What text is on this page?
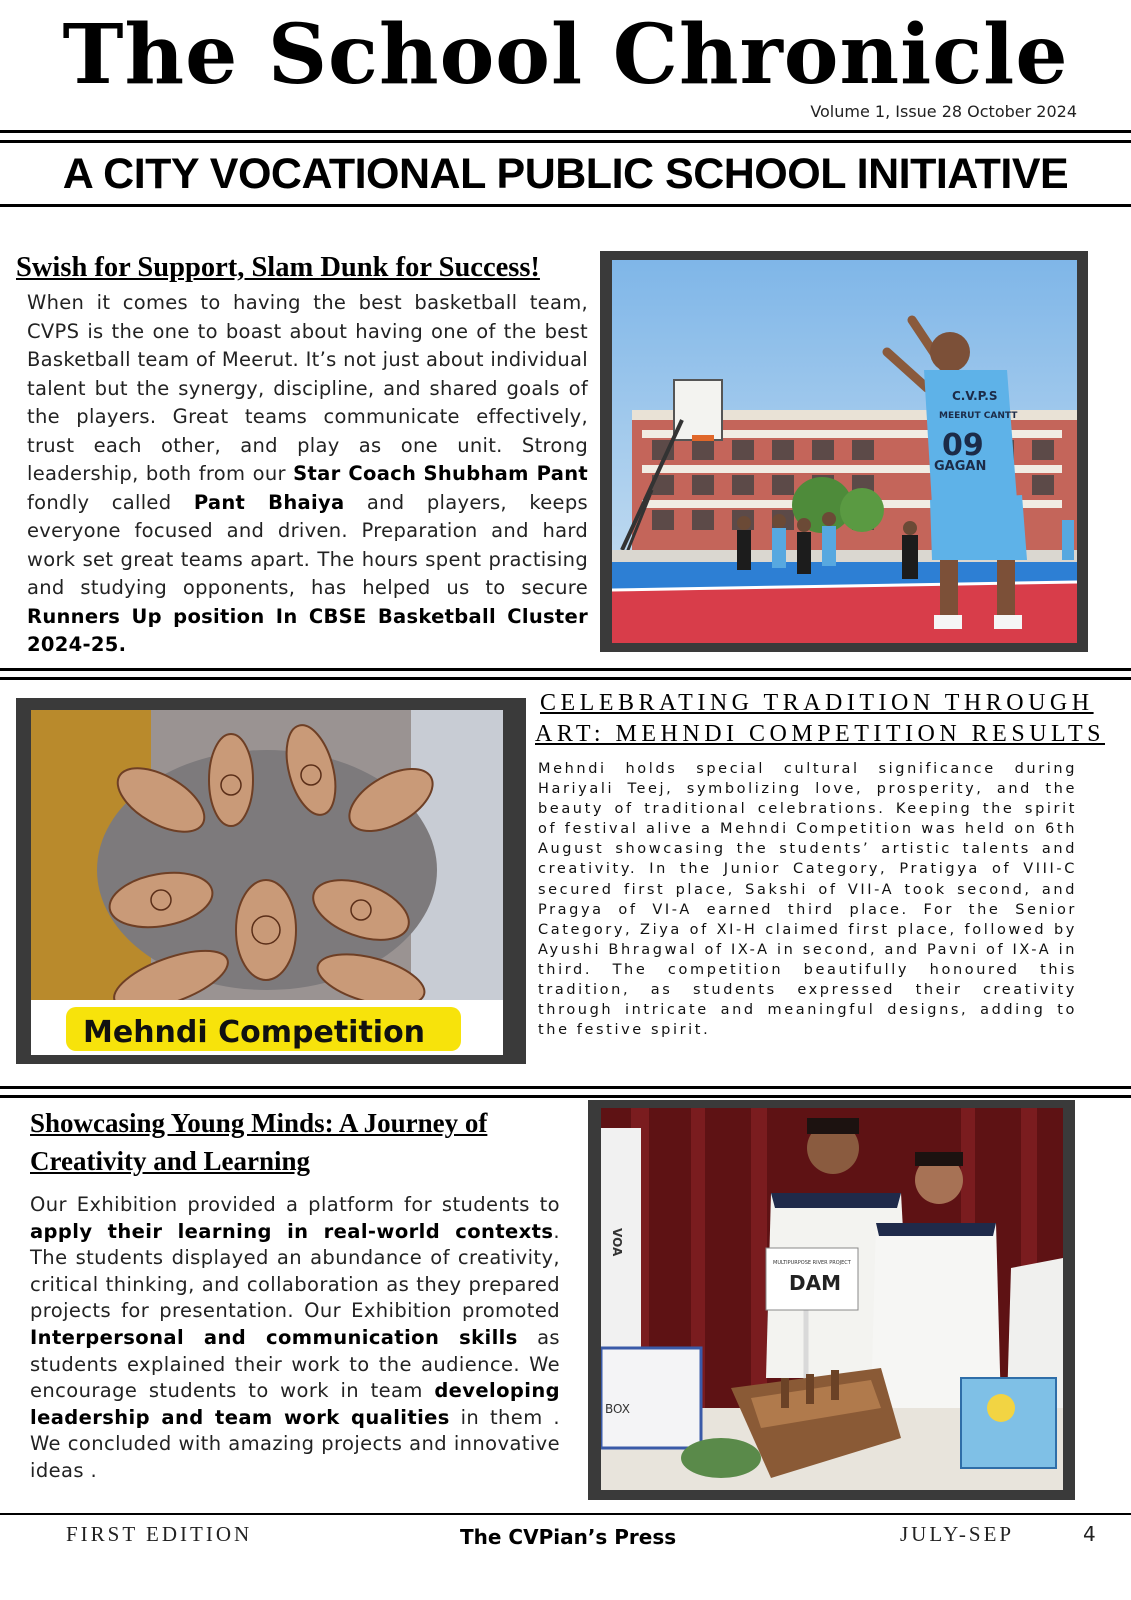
The School Chronicle
Volume 1, Issue 28 October 2024
A CITY VOCATIONAL PUBLIC SCHOOL INITIATIVE
Swish for Support, Slam Dunk for Success!
When it comes to having the best basketball team, CVPS is the one to boast about having one of the best Basketball team of Meerut. It’s not just about individual talent but the synergy, discipline, and shared goals of the players. Great teams communicate effectively, trust each other, and play as one unit. Strong leadership, both from our Star Coach Shubham Pant fondly called Pant Bhaiya and players, keeps everyone focused and driven. Preparation and hard work set great teams apart. The hours spent practising and studying opponents, has helped us to secure Runners Up position In CBSE Basketball Cluster 2024-25.
C.V.P.S
MEERUT CANTT
09
GAGAN
Mehndi Competition
CELEBRATING TRADITION THROUGH
ART: MEHNDI COMPETITION RESULTS
Mehndi holds special cultural significance during Hariyali Teej, symbolizing love, prosperity, and the beauty of traditional celebrations. Keeping the spirit of festival alive a Mehndi Competition was held on 6th August showcasing the students’ artistic talents and creativity. In the Junior Category, Pratigya of VIII-C secured first place, Sakshi of VII-A took second, and Pragya of VI-A earned third place. For the Senior Category, Ziya of XI-H claimed first place, followed by Ayushi Bhragwal of IX-A in second, and Pavni of IX-A in third. The competition beautifully honoured this tradition, as students expressed their creativity through intricate and meaningful designs, adding to the festive spirit.
Showcasing Young Minds: A Journey of
Creativity and Learning
Our Exhibition provided a platform for students to apply their learning in real-world contexts. The students displayed an abundance of creativity, critical thinking, and collaboration as they prepared projects for presentation. Our Exhibition promoted Interpersonal and communication skills as students explained their work to the audience. We encourage students to work in team developing leadership and team work qualities in them . We concluded with amazing projects and innovative ideas .
VOA
MULTIPURPOSE RIVER PROJECT
DAM
BOX
FIRST EDITION	The CVPian’s Press	JULY-SEP	4
